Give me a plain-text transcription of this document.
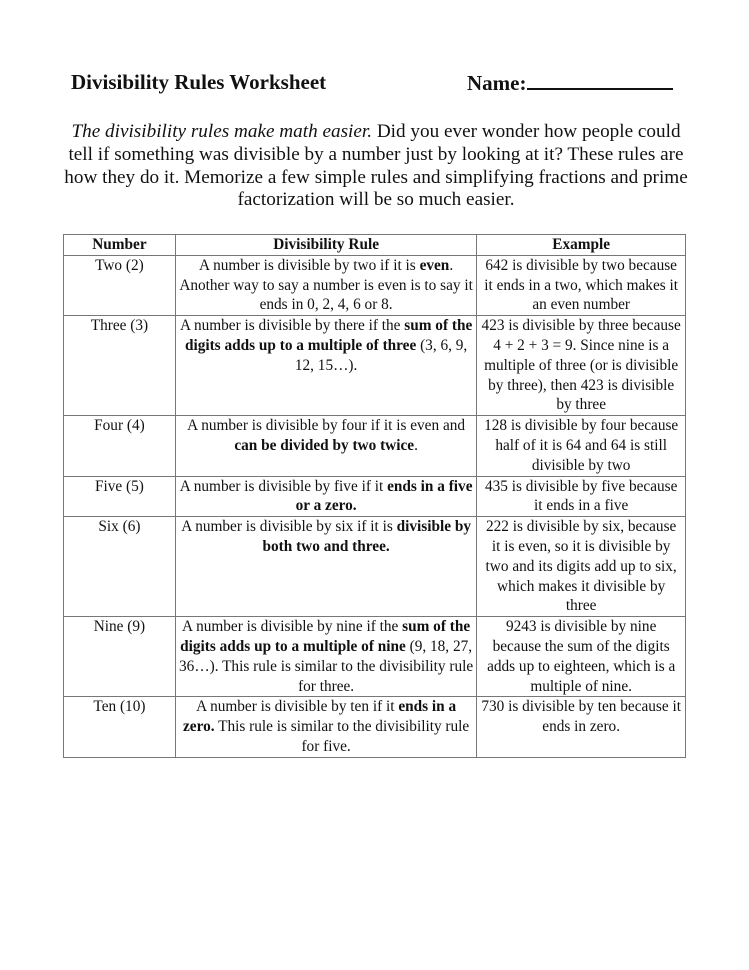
Divisibility Rules Worksheet	Name:
The divisibility rules make math easier. Did you ever wonder how people could tell if something was divisible by a number just by looking at it? These rules are how they do it. Memorize a few simple rules and simplifying fractions and prime factorization will be so much easier.
Number	Divisibility Rule	Example
Two (2)	A number is divisible by two if it is even. Another way to say a number is even is to say it ends in 0, 2, 4, 6 or 8.	642 is divisible by two because it ends in a two, which makes it an even number
Three (3)	A number is divisible by there if the sum of the digits adds up to a multiple of three (3, 6, 9, 12, 15…).	423 is divisible by three because 4 + 2 + 3 = 9. Since nine is a multiple of three (or is divisible by three), then 423 is divisible by three
Four (4)	A number is divisible by four if it is even and can be divided by two twice.	128 is divisible by four because half of it is 64 and 64 is still divisible by two
Five (5)	A number is divisible by five if it ends in a five or a zero.	435 is divisible by five because it ends in a five
Six (6)	A number is divisible by six if it is divisible by both two and three.	222 is divisible by six, because it is even, so it is divisible by two and its digits add up to six, which makes it divisible by three
Nine (9)	A number is divisible by nine if the sum of the digits adds up to a multiple of nine (9, 18, 27, 36…). This rule is similar to the divisibility rule for three.	9243 is divisible by nine because the sum of the digits adds up to eighteen, which is a multiple of nine.
Ten (10)	A number is divisible by ten if it ends in a zero. This rule is similar to the divisibility rule for five.	730 is divisible by ten because it ends in zero.
